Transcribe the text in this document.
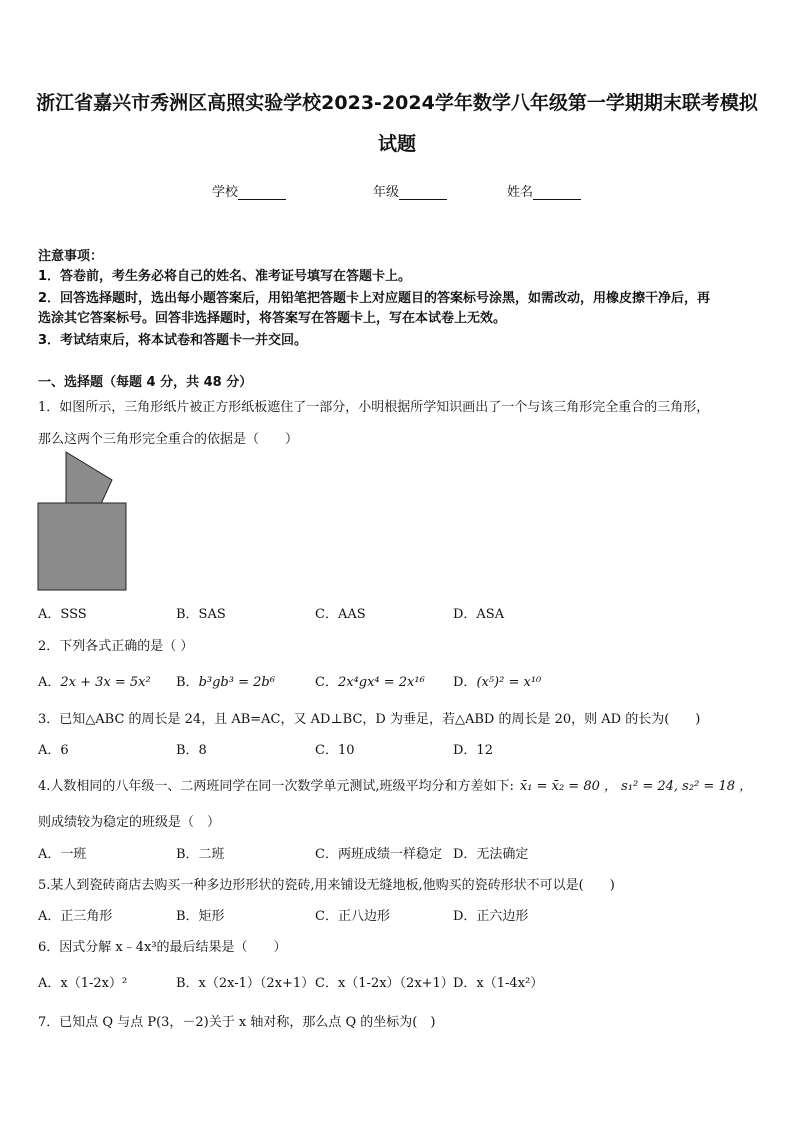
浙江省嘉兴市秀洲区高照实验学校2023-2024学年数学八年级第一学期期末联考模拟
试题
学校	年级	姓名
注意事项：
1．答卷前，考生务必将自己的姓名、准考证号填写在答题卡上。
2．回答选择题时，选出每小题答案后，用铅笔把答题卡上对应题目的答案标号涂黑，如需改动，用橡皮擦干净后，再
选涂其它答案标号。回答非选择题时，将答案写在答题卡上，写在本试卷上无效。
3．考试结束后，将本试卷和答题卡一并交回。
一、选择题（每题 4 分，共 48 分）
1．如图所示，三角形纸片被正方形纸板遮住了一部分，小明根据所学知识画出了一个与该三角形完全重合的三角形，
那么这两个三角形完全重合的依据是（　　）
A．SSS	B．SAS	C．AAS	D．ASA
2．下列各式正确的是（ ）
A．2x + 3x = 5x² B．b³gb³ = 2b⁶	C．2x⁴gx⁴ = 2x¹⁶ D．(x⁵)² = x¹⁰
3．已知△ABC 的周长是 24，且 AB=AC，又 AD⊥BC，D 为垂足，若△ABD 的周长是 20，则 AD 的长为(　　)
A．6	B．8	C．10	D．12
4.人数相同的八年级一、二两班同学在同一次数学单元测试,班级平均分和方差如下: x̄₁ = x̄₂ = 80 ， s₁² = 24, s₂² = 18 ，
则成绩较为稳定的班级是（　）
A．一班	B．二班	C．两班成绩一样稳定 D．无法确定
5.某人到瓷砖商店去购买一种多边形形状的瓷砖,用来铺设无缝地板,他购买的瓷砖形状不可以是(　　)
A．正三角形	B．矩形	C．正八边形	D．正六边形
6．因式分解 x﹣4x³的最后结果是（　　）
A．x（1-2x）²	B．x（2x-1）（2x+1） C．x（1-2x）（2x+1） D．x（1-4x²）
7．已知点 Q 与点 P(3，－2)关于 x 轴对称，那么点 Q 的坐标为(　)
